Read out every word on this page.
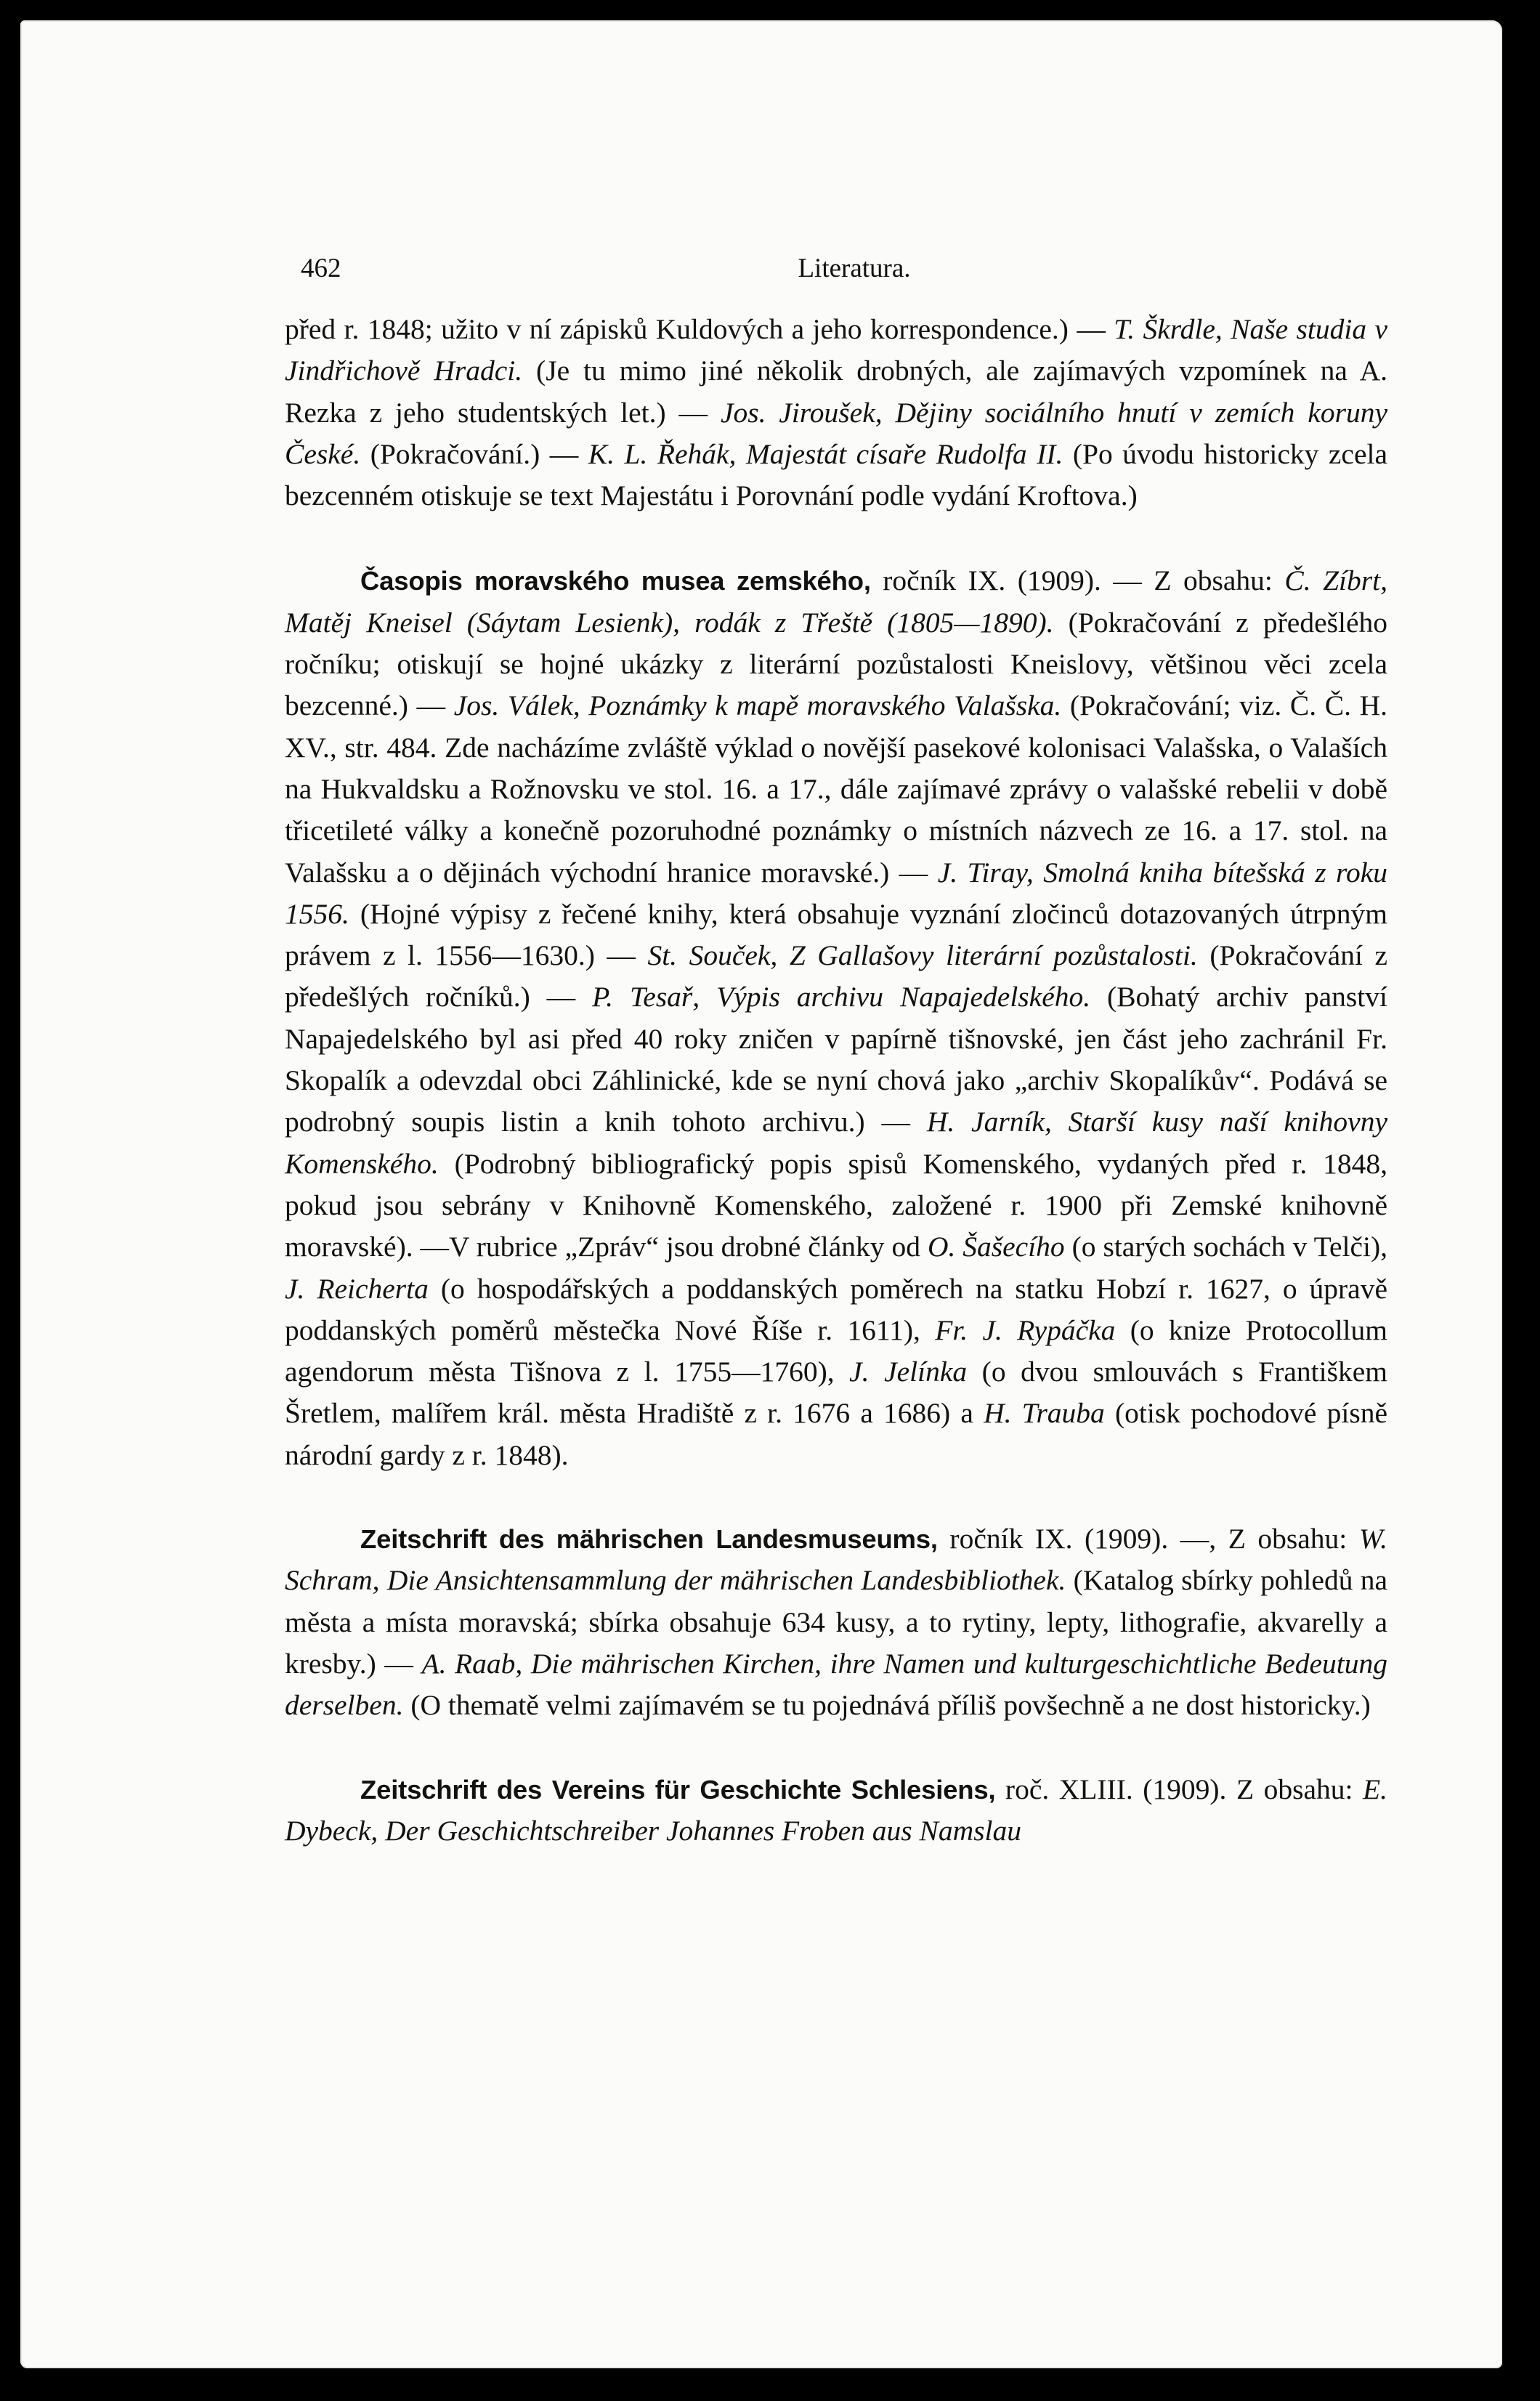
462	Literatura.

před r. 1848; užito v ní zápisků Kuldových a jeho korrespondence.) — T. Škrdle, Naše studia v Jindřichově Hradci. (Je tu mimo jiné několik drobných, ale zajímavých vzpomínek na A. Rezka z jeho studentských let.) — Jos. Jiroušek, Dějiny sociálního hnutí v zemích koruny České. (Pokračování.) — K. L. Řehák, Majestát císaře Rudolfa II. (Po úvodu historicky zcela bezcenném otiskuje se text Majestátu i Porovnání podle vydání Kroftova.)

Časopis moravského musea zemského, ročník IX. (1909). — Z obsahu: Č. Zíbrt, Matěj Kneisel (Sáytam Lesienk), rodák z Třeště (1805—1890). (Pokračování z předešlého ročníku; otiskují se hojné ukázky z literární pozůstalosti Kneislovy, většinou věci zcela bezcenné.) — Jos. Válek, Poznámky k mapě moravského Valašska. (Pokračování; viz. Č. Č. H. XV., str. 484. Zde nacházíme zvláště výklad o novější pasekové kolonisaci Valašska, o Valaších na Hukvaldsku a Rožnovsku ve stol. 16. a 17., dále zajímavé zprávy o valašské rebelii v době třicetileté války a konečně pozoruhodné poznámky o místních názvech ze 16. a 17. stol. na Valašsku a o dějinách východní hranice moravské.) — J. Tiray, Smolná kniha bítešská z roku 1556. (Hojné výpisy z řečené knihy, která obsahuje vyznání zločinců dotazovaných útrpným právem z l. 1556—1630.) — St. Souček, Z Gallašovy literární pozůstalosti. (Pokračování z předešlých ročníků.) — P. Tesař, Výpis archivu Napajedelského. (Bohatý archiv panství Napajedelského byl asi před 40 roky zničen v papírně tišnovské, jen část jeho zachránil Fr. Skopalík a odevzdal obci Záhlinické, kde se nyní chová jako „archiv Skopalíkův“. Podává se podrobný soupis listin a knih tohoto archivu.) — H. Jarník, Starší kusy naší knihovny Komenského. (Podrobný bibliografický popis spisů Komenského, vydaných před r. 1848, pokud jsou sebrány v Knihovně Komenského, založené r. 1900 při Zemské knihovně moravské). —V rubrice „Zpráv“ jsou drobné články od O. Šašecího (o starých sochách v Telči), J. Reicherta (o hospodářských a poddanských poměrech na statku Hobzí r. 1627, o úpravě poddanských poměrů městečka Nové Říše r. 1611), Fr. J. Rypáčka (o knize Protocollum agendorum města Tišnova z l. 1755—1760), J. Jelínka (o dvou smlouvách s Františkem Šretlem, malířem král. města Hradiště z r. 1676 a 1686) a H. Trauba (otisk pochodové písně národní gardy z r. 1848).

Zeitschrift des mährischen Landesmuseums, ročník IX. (1909). —, Z obsahu: W. Schram, Die Ansichtensammlung der mährischen Landesbibliothek. (Katalog sbírky pohledů na města a místa moravská; sbírka obsahuje 634 kusy, a to rytiny, lepty, lithografie, akvarelly a kresby.) — A. Raab, Die mährischen Kirchen, ihre Namen und kulturgeschichtliche Bedeutung derselben. (O thematě velmi zajímavém se tu pojednává příliš povšechně a ne dost historicky.)

Zeitschrift des Vereins für Geschichte Schlesiens, roč. XLIII. (1909). Z obsahu: E. Dybeck, Der Geschichtschreiber Johannes Froben aus Namslau
